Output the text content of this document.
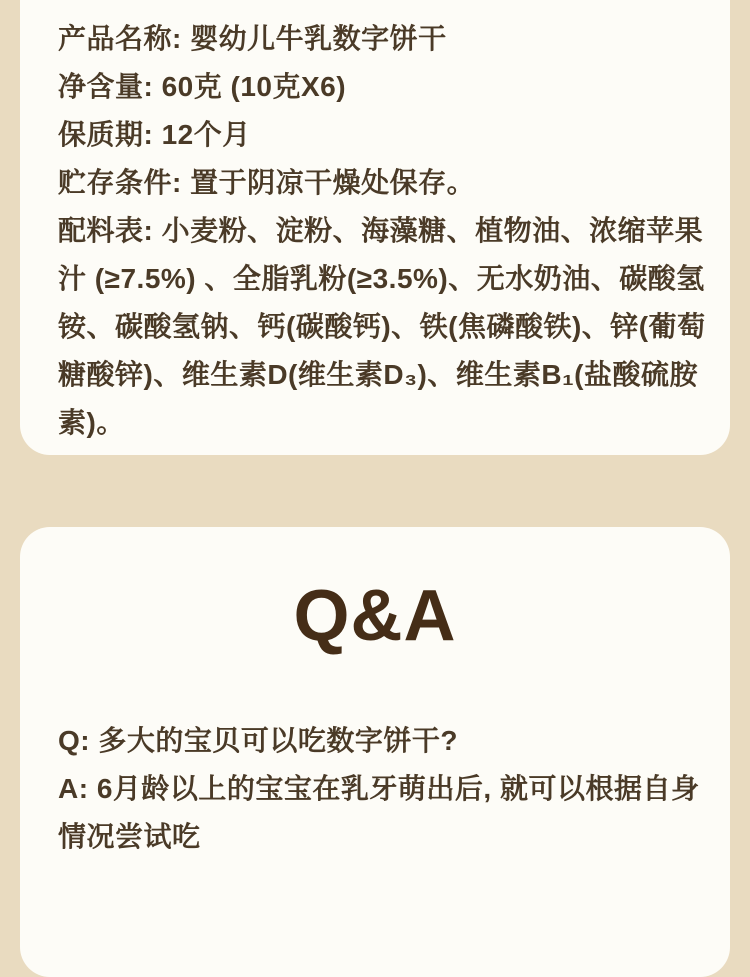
产品名称: 婴幼儿牛乳数字饼干
净含量: 60克 (10克X6)
保质期: 12个月
贮存条件: 置于阴凉干燥处保存。
配料表: 小麦粉、淀粉、海藻糖、植物油、浓缩苹果汁 (≥7.5%) 、全脂乳粉(≥3.5%)、无水奶油、碳酸氢铵、碳酸氢钠、钙(碳酸钙)、铁(焦磷酸铁)、锌(葡萄糖酸锌)、维生素D(维生素D₃)、维生素B₁(盐酸硫胺素)。
Q&A
Q: 多大的宝贝可以吃数字饼干?
A: 6月龄以上的宝宝在乳牙萌出后, 就可以根据自身情况尝试吃
